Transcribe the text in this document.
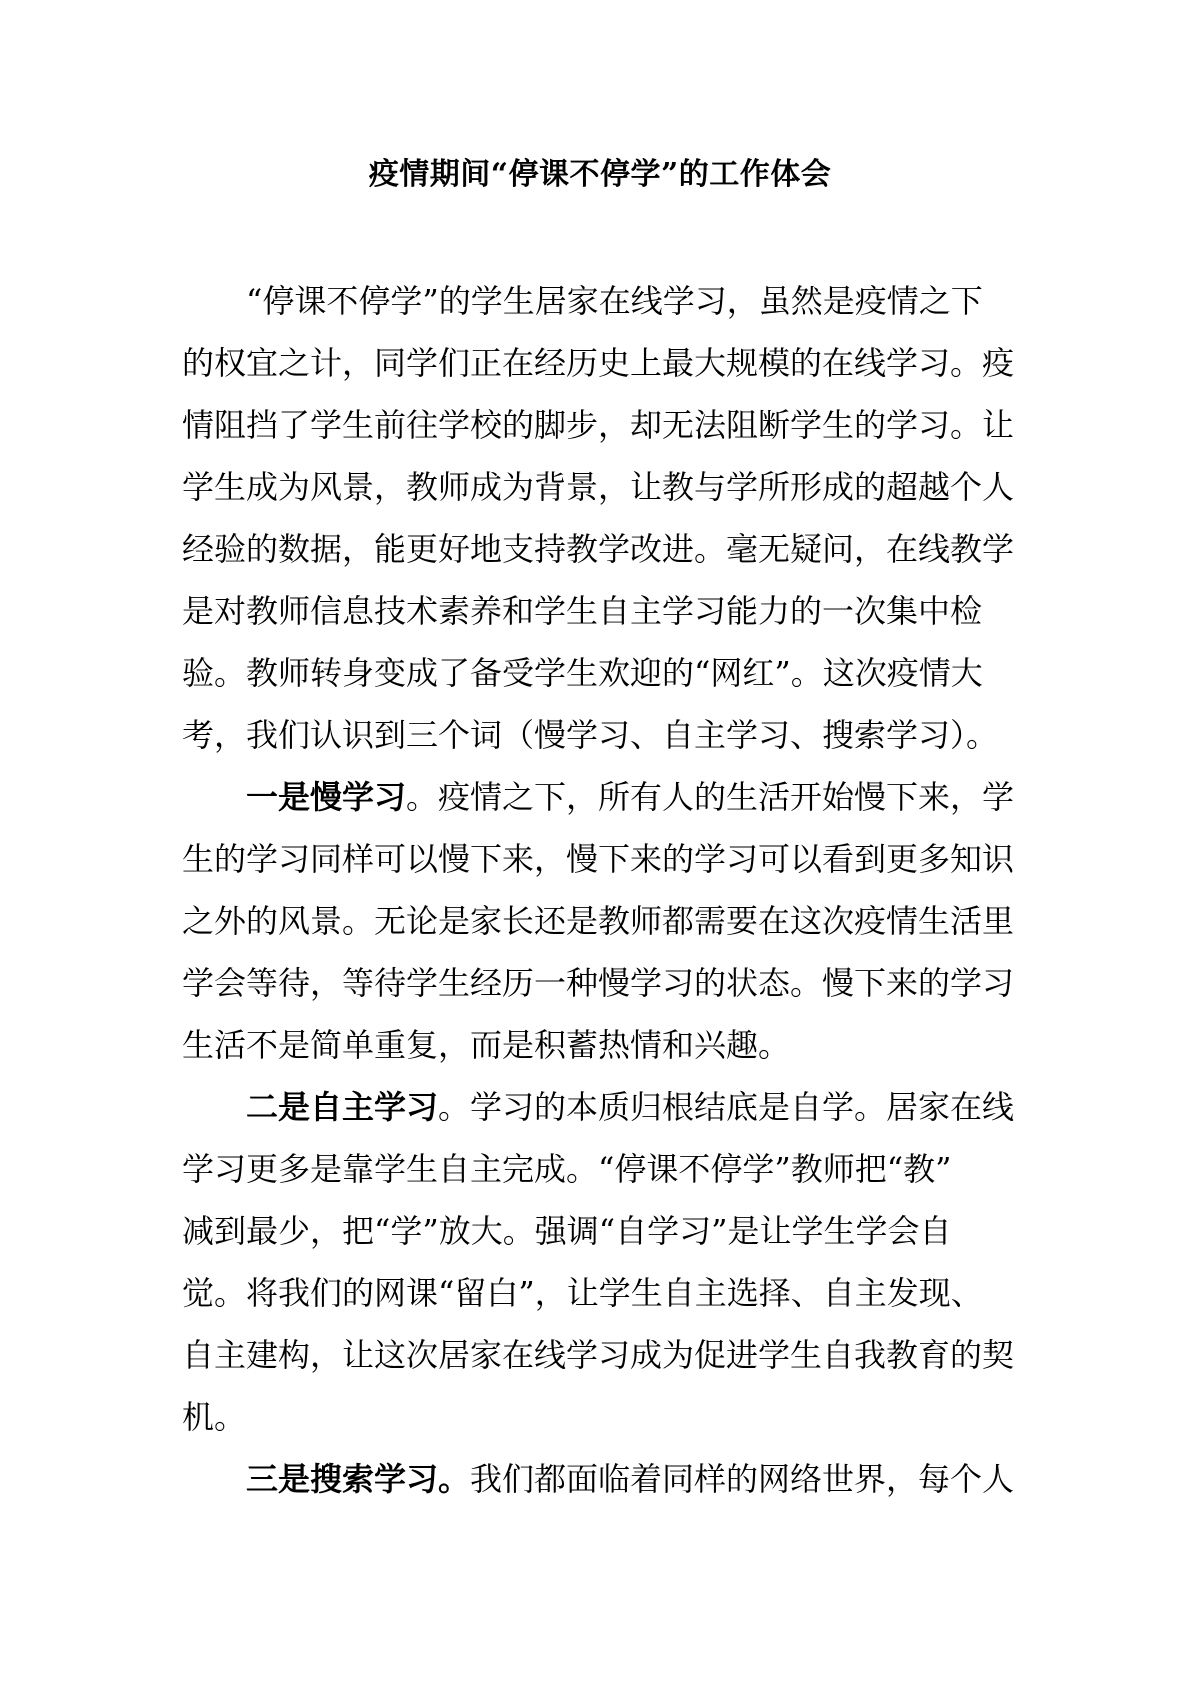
疫情期间“停课不停学”的工作体会
“停课不停学”的学生居家在线学习，虽然是疫情之下
的权宜之计，同学们正在经历史上最大规模的在线学习。疫
情阻挡了学生前往学校的脚步，却无法阻断学生的学习。让
学生成为风景，教师成为背景，让教与学所形成的超越个人
经验的数据，能更好地支持教学改进。毫无疑问，在线教学
是对教师信息技术素养和学生自主学习能力的一次集中检
验。教师转身变成了备受学生欢迎的“网红”。这次疫情大
考，我们认识到三个词（慢学习、自主学习、搜索学习）。
一是慢学习。疫情之下，所有人的生活开始慢下来，学
生的学习同样可以慢下来，慢下来的学习可以看到更多知识
之外的风景。无论是家长还是教师都需要在这次疫情生活里
学会等待，等待学生经历一种慢学习的状态。慢下来的学习
生活不是简单重复，而是积蓄热情和兴趣。
二是自主学习。学习的本质归根结底是自学。居家在线
学习更多是靠学生自主完成。“停课不停学”教师把“教”
减到最少，把“学”放大。强调“自学习”是让学生学会自
觉。将我们的网课“留白”，让学生自主选择、自主发现、
自主建构，让这次居家在线学习成为促进学生自我教育的契
机。
三是搜索学习。我们都面临着同样的网络世界，每个人
